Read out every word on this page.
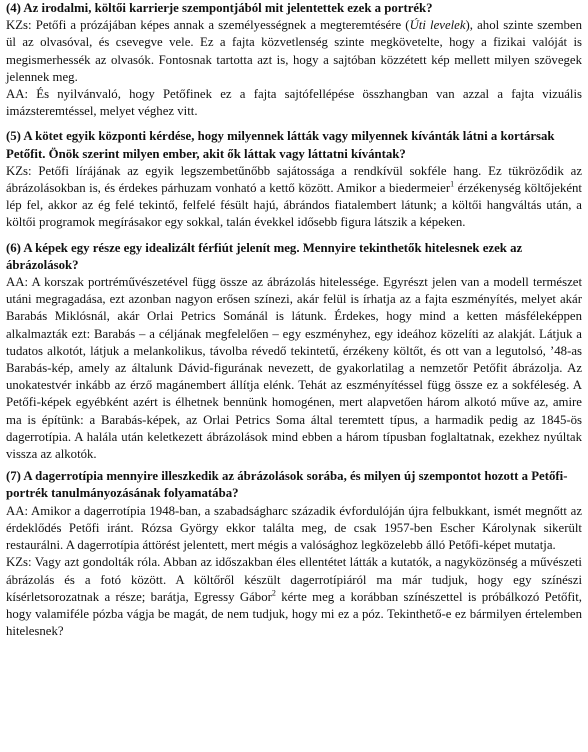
(4) Az irodalmi, költői karrierje szempontjából mit jelentettek ezek a portrék?

KZs: Petőfi a prózájában képes annak a személyességnek a megteremtésére (Úti levelek), ahol szinte szemben ül az olvasóval, és csevegve vele. Ez a fajta közvetlenség szinte megkövetelte, hogy a fizikai valóját is megismerhessék az olvasók. Fontosnak tartotta azt is, hogy a sajtóban közzétett kép mellett milyen szövegek jelennek meg.

AA: És nyilvánvaló, hogy Petőfinek ez a fajta sajtófellépése összhangban van azzal a fajta vizuális imázsteremtéssel, melyet véghez vitt.

(5) A kötet egyik központi kérdése, hogy milyennek látták vagy milyennek kívánták látni a kortársak Petőfit. Önök szerint milyen ember, akit ők láttak vagy láttatni kívántak?

KZs: Petőfi lírájának az egyik legszembetűnőbb sajátossága a rendkívül sokféle hang. Ez tükröződik az ábrázolásokban is, és érdekes párhuzam vonható a kettő között. Amikor a biedermeier$^1$ érzékenység költőjeként lép fel, akkor az ég felé tekintő, felfelé fésült hajú, ábrándos fiatalembert látunk; a költői hangváltás után, a költői programok megírásakor egy sokkal, talán évekkel idősebb figura látszik a képeken.

(6) A képek egy része egy idealizált férfiút jelenít meg. Mennyire tekinthetők hitelesnek ezek az ábrázolások?

AA: A korszak portréművészetével függ össze az ábrázolás hitelessége. Egyrészt jelen van a modell természet utáni megragadása, ezt azonban nagyon erősen színezi, akár felül is írhatja az a fajta eszményítés, melyet akár Barabás Miklósnál, akár Orlai Petrics Sománál is látunk. Érdekes, hogy mind a ketten másféleképpen alkalmazták ezt: Barabás – a céljának megfelelően – egy eszményhez, egy ideához közelíti az alakját. Látjuk a tudatos alkotót, látjuk a melankolikus, távolba révedő tekintetű, érzékeny költőt, és ott van a legutolsó, ’48-as Barabás-kép, amely az általunk Dávid-figurának nevezett, de gyakorlatilag a nemzetőr Petőfit ábrázolja. Az unokatestvér inkább az érző magánembert állítja elénk. Tehát az eszményítéssel függ össze ez a sokféleség. A Petőfi-képek egyébként azért is élhetnek bennünk homogénen, mert alapvetően három alkotó műve az, amire ma is építünk: a Barabás-képek, az Orlai Petrics Soma által teremtett típus, a harmadik pedig az 1845-ös dagerrotípia. A halála után keletkezett ábrázolások mind ebben a három típusban foglaltatnak, ezekhez nyúltak vissza az alkotók.

(7) A dagerrotípia mennyire illeszkedik az ábrázolások sorába, és milyen új szempontot hozott a Petőfi-portrék tanulmányozásának folyamatába?

AA: Amikor a dagerrotípia 1948-ban, a szabadságharc századik évfordulóján újra felbukkant, ismét megnőtt az érdeklődés Petőfi iránt. Rózsa György ekkor találta meg, de csak 1957-ben Escher Károlynak sikerült restaurálni. A dagerrotípia áttörést jelentett, mert mégis a valósághoz legközelebb álló Petőfi-képet mutatja.

KZs: Vagy azt gondolták róla. Abban az időszakban éles ellentétet látták a kutatók, a nagyközönség a művészeti ábrázolás és a fotó között. A költőről készült dagerrotípiáról ma már tudjuk, hogy egy színészi kísérletsorozatnak a része; barátja, Egressy Gábor$^2$ kérte meg a korábban színészettel is próbálkozó Petőfit, hogy valamiféle pózba vágja be magát, de nem tudjuk, hogy mi ez a póz. Tekinthető-e ez bármilyen értelemben hitelesnek?
